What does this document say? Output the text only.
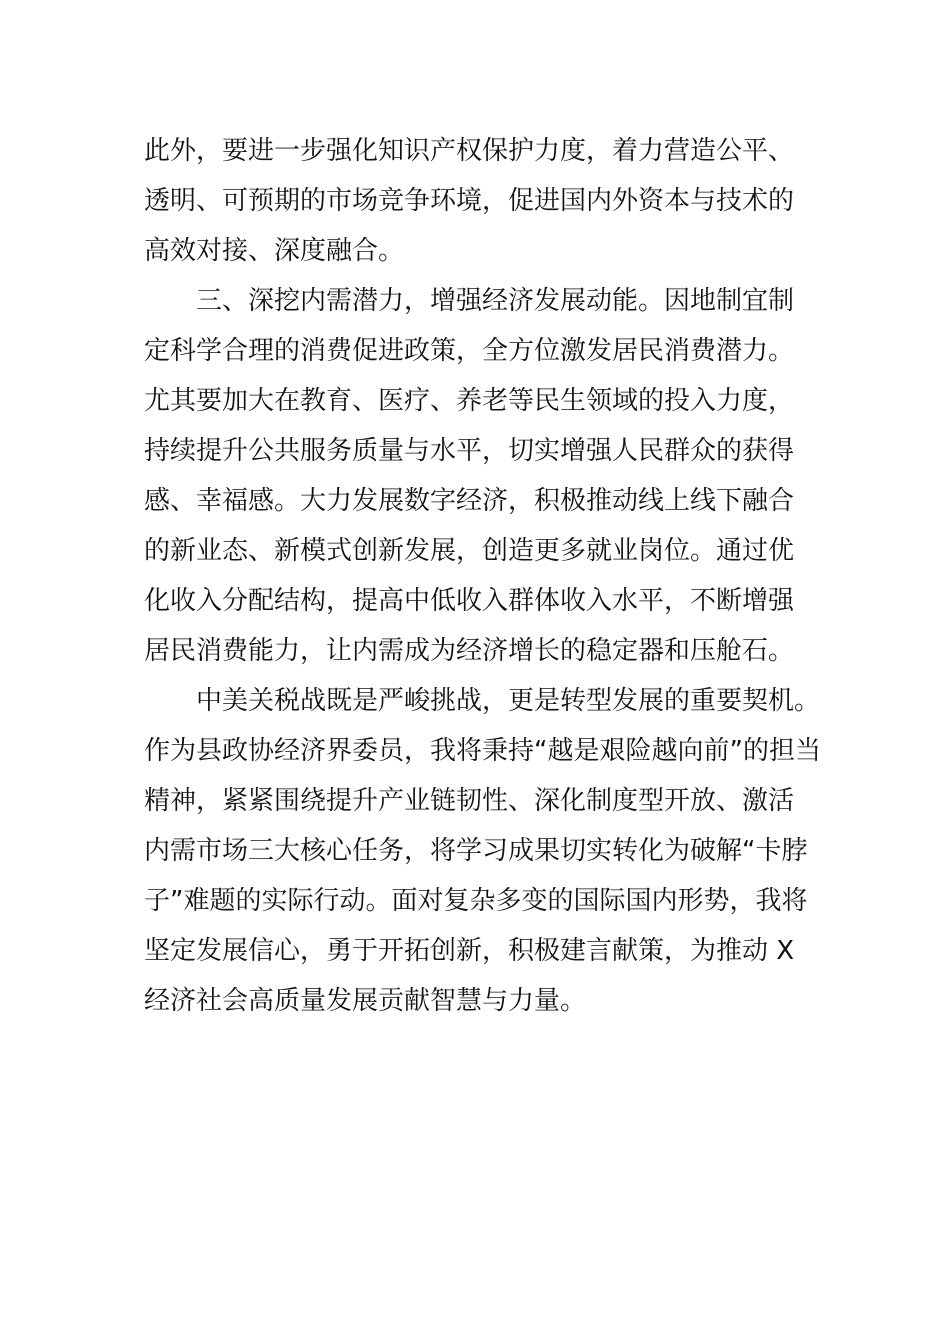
此外，要进一步强化知识产权保护力度，着力营造公平、
透明、可预期的市场竞争环境，促进国内外资本与技术的
高效对接、深度融合。
三、深挖内需潜力，增强经济发展动能。因地制宜制
定科学合理的消费促进政策，全方位激发居民消费潜力。
尤其要加大在教育、医疗、养老等民生领域的投入力度，
持续提升公共服务质量与水平，切实增强人民群众的获得
感、幸福感。大力发展数字经济，积极推动线上线下融合
的新业态、新模式创新发展，创造更多就业岗位。通过优
化收入分配结构，提高中低收入群体收入水平，不断增强
居民消费能力，让内需成为经济增长的稳定器和压舱石。
中美关税战既是严峻挑战，更是转型发展的重要契机。
作为县政协经济界委员，我将秉持“越是艰险越向前”的担当
精神，紧紧围绕提升产业链韧性、深化制度型开放、激活
内需市场三大核心任务，将学习成果切实转化为破解“卡脖
子”难题的实际行动。面对复杂多变的国际国内形势，我将
坚定发展信心，勇于开拓创新，积极建言献策，为推动 X
经济社会高质量发展贡献智慧与力量。
